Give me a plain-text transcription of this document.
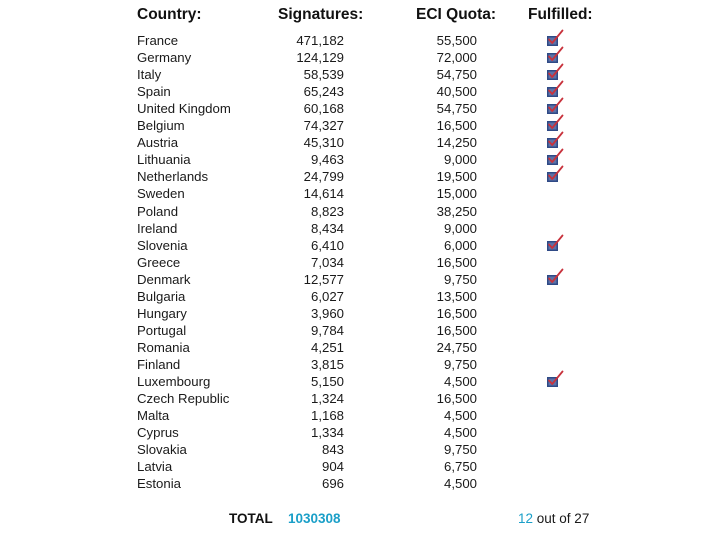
Country:	Signatures:	ECI Quota: Fulfilled:
France	471,182	55,500
Germany	124,129	72,000
Italy	58,539	54,750
Spain	65,243	40,500
United Kingdom	60,168	54,750
Belgium	74,327	16,500
Austria	45,310	14,250
Lithuania	9,463	9,000
Netherlands	24,799	19,500
Sweden	14,614	15,000
Poland	8,823	38,250
Ireland	8,434	9,000
Slovenia	6,410	6,000
Greece	7,034	16,500
Denmark	12,577	9,750
Bulgaria	6,027	13,500
Hungary	3,960	16,500
Portugal	9,784	16,500
Romania	4,251	24,750
Finland	3,815	9,750
Luxembourg	5,150	4,500
Czech Republic	1,324	16,500
Malta	1,168	4,500
Cyprus	1,334	4,500
Slovakia	843	9,750
Latvia	904	6,750
Estonia	696	4,500
TOTAL 1030308	12 out of 27
